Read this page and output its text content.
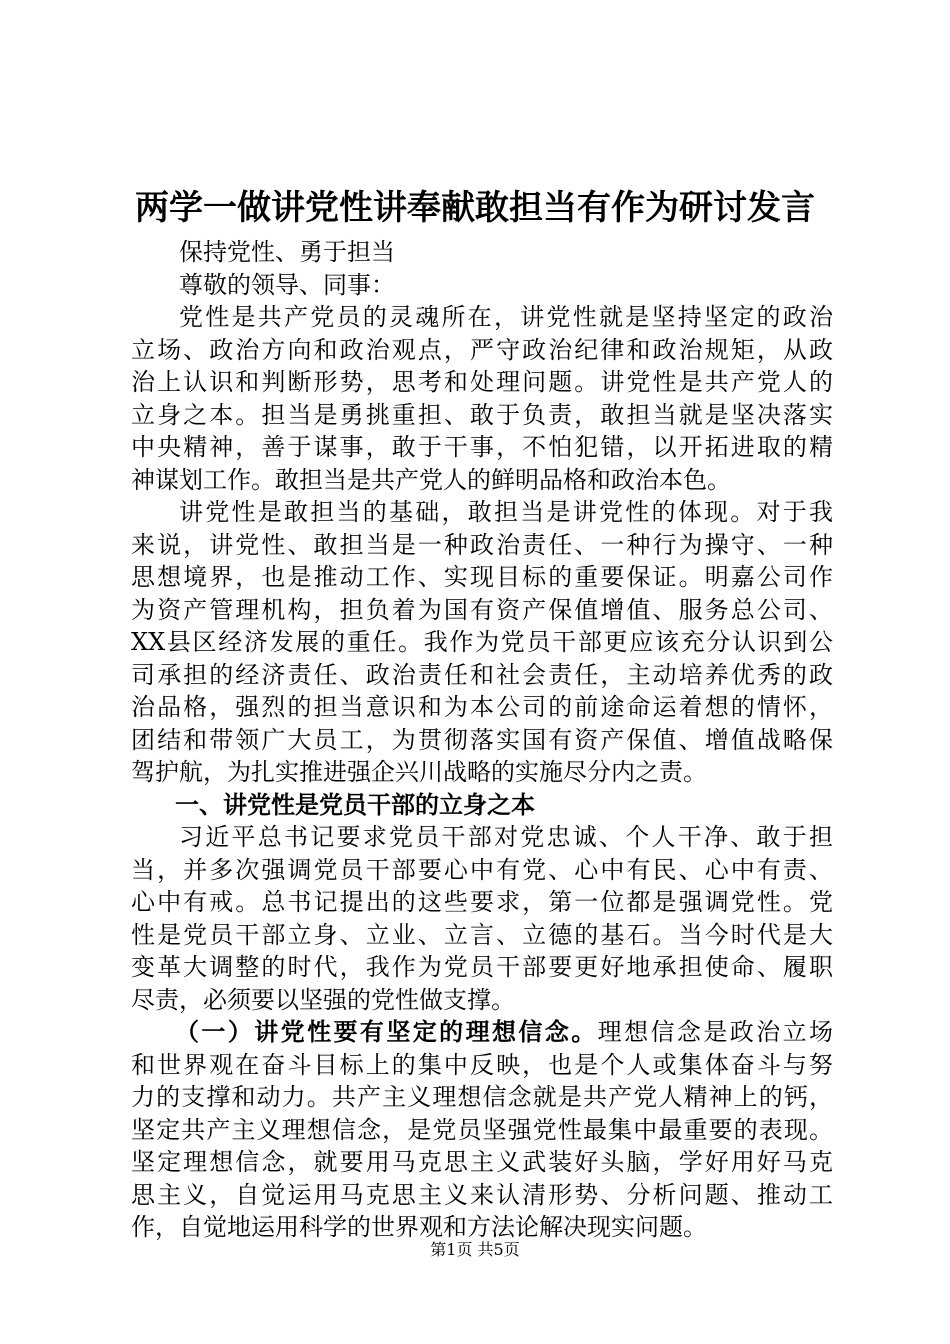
两学一做讲党性讲奉献敢担当有作为研讨发言
保持党性、勇于担当
尊敬的领导、同事：
党性是共产党员的灵魂所在，讲党性就是坚持坚定的政治
立场、政治方向和政治观点，严守政治纪律和政治规矩，从政
治上认识和判断形势，思考和处理问题。讲党性是共产党人的
立身之本。担当是勇挑重担、敢于负责，敢担当就是坚决落实
中央精神，善于谋事，敢于干事，不怕犯错，以开拓进取的精
神谋划工作。敢担当是共产党人的鲜明品格和政治本色。
讲党性是敢担当的基础，敢担当是讲党性的体现。对于我
来说，讲党性、敢担当是一种政治责任、一种行为操守、一种
思想境界，也是推动工作、实现目标的重要保证。明嘉公司作
为资产管理机构，担负着为国有资产保值增值、服务总公司、
XX县区经济发展的重任。我作为党员干部更应该充分认识到公
司承担的经济责任、政治责任和社会责任，主动培养优秀的政
治品格，强烈的担当意识和为本公司的前途命运着想的情怀，
团结和带领广大员工，为贯彻落实国有资产保值、增值战略保
驾护航，为扎实推进强企兴川战略的实施尽分内之责。
一、讲党性是党员干部的立身之本
习近平总书记要求党员干部对党忠诚、个人干净、敢于担
当，并多次强调党员干部要心中有党、心中有民、心中有责、
心中有戒。总书记提出的这些要求，第一位都是强调党性。党
性是党员干部立身、立业、立言、立德的基石。当今时代是大
变革大调整的时代，我作为党员干部要更好地承担使命、履职
尽责，必须要以坚强的党性做支撑。
（一）讲党性要有坚定的理想信念。理想信念是政治立场
和世界观在奋斗目标上的集中反映，也是个人或集体奋斗与努
力的支撑和动力。共产主义理想信念就是共产党人精神上的钙，
坚定共产主义理想信念，是党员坚强党性最集中最重要的表现。
坚定理想信念，就要用马克思主义武装好头脑，学好用好马克
思主义，自觉运用马克思主义来认清形势、分析问题、推动工
作，自觉地运用科学的世界观和方法论解决现实问题。
第1页 共5页
